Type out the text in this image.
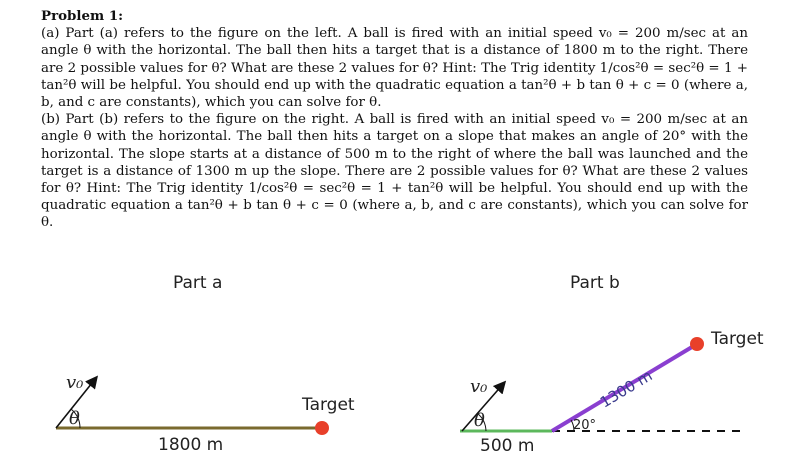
Problem 1:
(a) Part (a) refers to the figure on the left. A ball is fired with an initial speed v₀ = 200 m/sec at an angle θ with the horizontal. The ball then hits a target that is a distance of 1800 m to the right. There are 2 possible values for θ? What are these 2 values for θ? Hint: The Trig identity 1/cos²θ = sec²θ = 1 + tan²θ will be helpful. You should end up with the quadratic equation a tan²θ + b tan θ + c = 0 (where a, b, and c are constants), which you can solve for θ.
(b) Part (b) refers to the figure on the right. A ball is fired with an initial speed v₀ = 200 m/sec at an angle θ with the horizontal. The ball then hits a target on a slope that makes an angle of 20° with the horizontal. The slope starts at a distance of 500 m to the right of where the ball was launched and the target is a distance of 1300 m up the slope. There are 2 possible values for θ? What are these 2 values for θ? Hint: The Trig identity 1/cos²θ = sec²θ = 1 + tan²θ will be helpful. You should end up with the quadratic equation a tan²θ + b tan θ + c = 0 (where a, b, and c are constants), which you can solve for θ.

Part a
θ
v₀
Target
1800 m
Part b
θ
v₀
20°
1300 m
Target
500 m
